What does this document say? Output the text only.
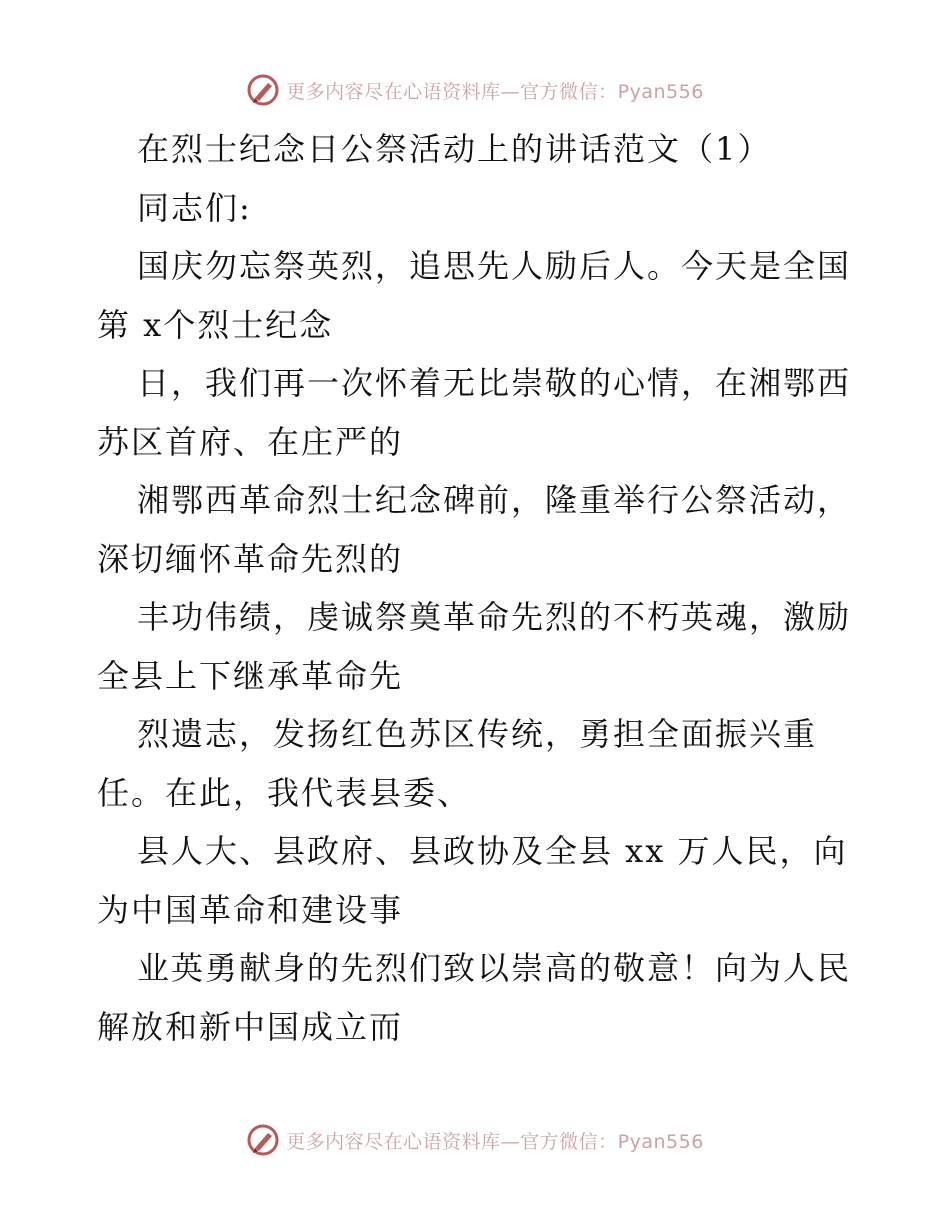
更多内容尽在心语资料库—官方微信：Pyan556
在烈士纪念日公祭活动上的讲话范文（1）
同志们:
国庆勿忘祭英烈，追思先人励后人。今天是全国
第 x个烈士纪念
日，我们再一次怀着无比崇敬的心情，在湘鄂西
苏区首府、在庄严的
湘鄂西革命烈士纪念碑前，隆重举行公祭活动，
深切缅怀革命先烈的
丰功伟绩，虔诚祭奠革命先烈的不朽英魂，激励
全县上下继承革命先
烈遗志，发扬红色苏区传统，勇担全面振兴重
任。在此，我代表县委、
县人大、县政府、县政协及全县 xx 万人民，向
为中国革命和建设事
业英勇献身的先烈们致以崇高的敬意！向为人民
解放和新中国成立而
更多内容尽在心语资料库—官方微信：Pyan556
